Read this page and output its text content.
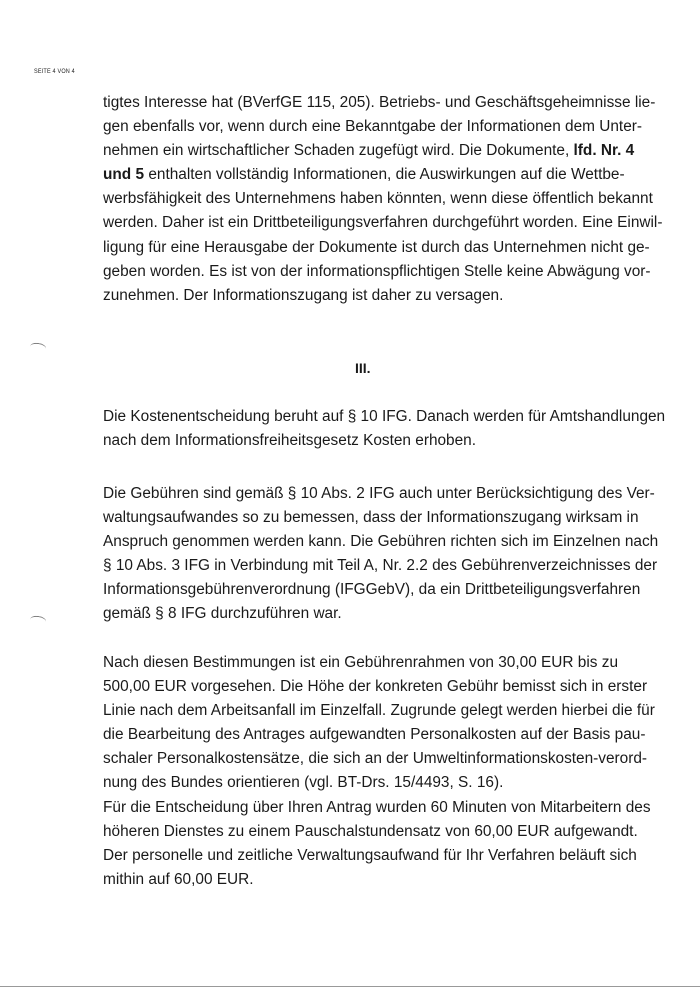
SEITE 4 VON 4
tigtes Interesse hat (BVerfGE 115, 205). Betriebs- und Geschäftsgeheimnisse lie-
gen ebenfalls vor, wenn durch eine Bekanntgabe der Informationen dem Unter-
nehmen ein wirtschaftlicher Schaden zugefügt wird. Die Dokumente, lfd. Nr. 4
und 5 enthalten vollständig Informationen, die Auswirkungen auf die Wettbe-
werbsfähigkeit des Unternehmens haben könnten, wenn diese öffentlich bekannt
werden. Daher ist ein Drittbeteiligungsverfahren durchgeführt worden. Eine Einwil-
ligung für eine Herausgabe der Dokumente ist durch das Unternehmen nicht ge-
geben worden. Es ist von der informationspflichtigen Stelle keine Abwägung vor-
zunehmen. Der Informationszugang ist daher zu versagen.
III.
Die Kostenentscheidung beruht auf § 10 IFG. Danach werden für Amtshandlungen
nach dem Informationsfreiheitsgesetz Kosten erhoben.
Die Gebühren sind gemäß § 10 Abs. 2 IFG auch unter Berücksichtigung des Ver-
waltungsaufwandes so zu bemessen, dass der Informationszugang wirksam in
Anspruch genommen werden kann. Die Gebühren richten sich im Einzelnen nach
§ 10 Abs. 3 IFG in Verbindung mit Teil A, Nr. 2.2 des Gebührenverzeichnisses der
Informationsgebührenverordnung (IFGGebV), da ein Drittbeteiligungsverfahren
gemäß § 8 IFG durchzuführen war.
Nach diesen Bestimmungen ist ein Gebührenrahmen von 30,00 EUR bis zu
500,00 EUR vorgesehen. Die Höhe der konkreten Gebühr bemisst sich in erster
Linie nach dem Arbeitsanfall im Einzelfall. Zugrunde gelegt werden hierbei die für
die Bearbeitung des Antrages aufgewandten Personalkosten auf der Basis pau-
schaler Personalkostensätze, die sich an der Umweltinformationskosten-verord-
nung des Bundes orientieren (vgl. BT-Drs. 15/4493, S. 16).
Für die Entscheidung über Ihren Antrag wurden 60 Minuten von Mitarbeitern des
höheren Dienstes zu einem Pauschalstundensatz von 60,00 EUR aufgewandt.
Der personelle und zeitliche Verwaltungsaufwand für Ihr Verfahren beläuft sich
mithin auf 60,00 EUR.
